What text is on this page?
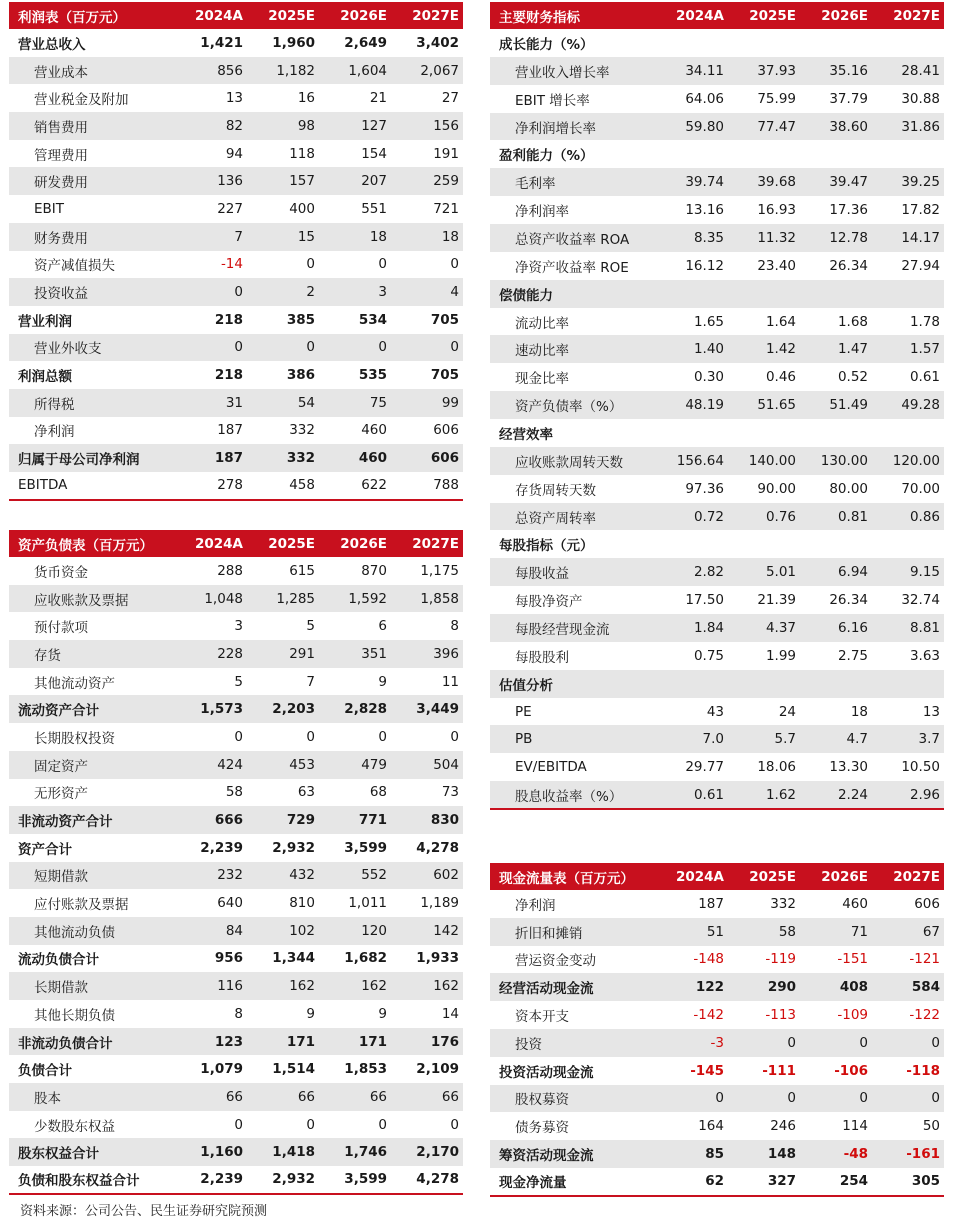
利润表（百万元）	2024A	2025E	2026E	2027E
营业总收入	1,421	1,960	2,649	3,402
营业成本	856	1,182	1,604	2,067
营业税金及附加	13	16	21	27
销售费用	82	98	127	156
管理费用	94	118	154	191
研发费用	136	157	207	259
EBIT	227	400	551	721
财务费用	7	15	18	18
资产减值损失	-14	0	0	0
投资收益	0	2	3	4
营业利润	218	385	534	705
营业外收支	0	0	0	0
利润总额	218	386	535	705
所得税	31	54	75	99
净利润	187	332	460	606
归属于母公司净利润	187	332	460	606
EBITDA	278	458	622	788
资产负债表（百万元）	2024A	2025E	2026E	2027E
货币资金	288	615	870	1,175
应收账款及票据	1,048	1,285	1,592	1,858
预付款项	3	5	6	8
存货	228	291	351	396
其他流动资产	5	7	9	11
流动资产合计	1,573	2,203	2,828	3,449
长期股权投资	0	0	0	0
固定资产	424	453	479	504
无形资产	58	63	68	73
非流动资产合计	666	729	771	830
资产合计	2,239	2,932	3,599	4,278
短期借款	232	432	552	602
应付账款及票据	640	810	1,011	1,189
其他流动负债	84	102	120	142
流动负债合计	956	1,344	1,682	1,933
长期借款	116	162	162	162
其他长期负债	8	9	9	14
非流动负债合计	123	171	171	176
负债合计	1,079	1,514	1,853	2,109
股本	66	66	66	66
少数股东权益	0	0	0	0
股东权益合计	1,160	1,418	1,746	2,170
负债和股东权益合计	2,239	2,932	3,599	4,278
主要财务指标	2024A	2025E	2026E	2027E
成长能力（%）				
营业收入增长率	34.11	37.93	35.16	28.41
EBIT 增长率	64.06	75.99	37.79	30.88
净利润增长率	59.80	77.47	38.60	31.86
盈利能力（%）				
毛利率	39.74	39.68	39.47	39.25
净利润率	13.16	16.93	17.36	17.82
总资产收益率 ROA	8.35	11.32	12.78	14.17
净资产收益率 ROE	16.12	23.40	26.34	27.94
偿债能力				
流动比率	1.65	1.64	1.68	1.78
速动比率	1.40	1.42	1.47	1.57
现金比率	0.30	0.46	0.52	0.61
资产负债率（%）	48.19	51.65	51.49	49.28
经营效率				
应收账款周转天数	156.64	140.00	130.00	120.00
存货周转天数	97.36	90.00	80.00	70.00
总资产周转率	0.72	0.76	0.81	0.86
每股指标（元）				
每股收益	2.82	5.01	6.94	9.15
每股净资产	17.50	21.39	26.34	32.74
每股经营现金流	1.84	4.37	6.16	8.81
每股股利	0.75	1.99	2.75	3.63
估值分析				
PE	43	24	18	13
PB	7.0	5.7	4.7	3.7
EV/EBITDA	29.77	18.06	13.30	10.50
股息收益率（%）	0.61	1.62	2.24	2.96
现金流量表（百万元）	2024A	2025E	2026E	2027E
净利润	187	332	460	606
折旧和摊销	51	58	71	67
营运资金变动	-148	-119	-151	-121
经营活动现金流	122	290	408	584
资本开支	-142	-113	-109	-122
投资	-3	0	0	0
投资活动现金流	-145	-111	-106	-118
股权募资	0	0	0	0
债务募资	164	246	114	50
筹资活动现金流	85	148	-48	-161
现金净流量	62	327	254	305
资料来源：公司公告、民生证券研究院预测
